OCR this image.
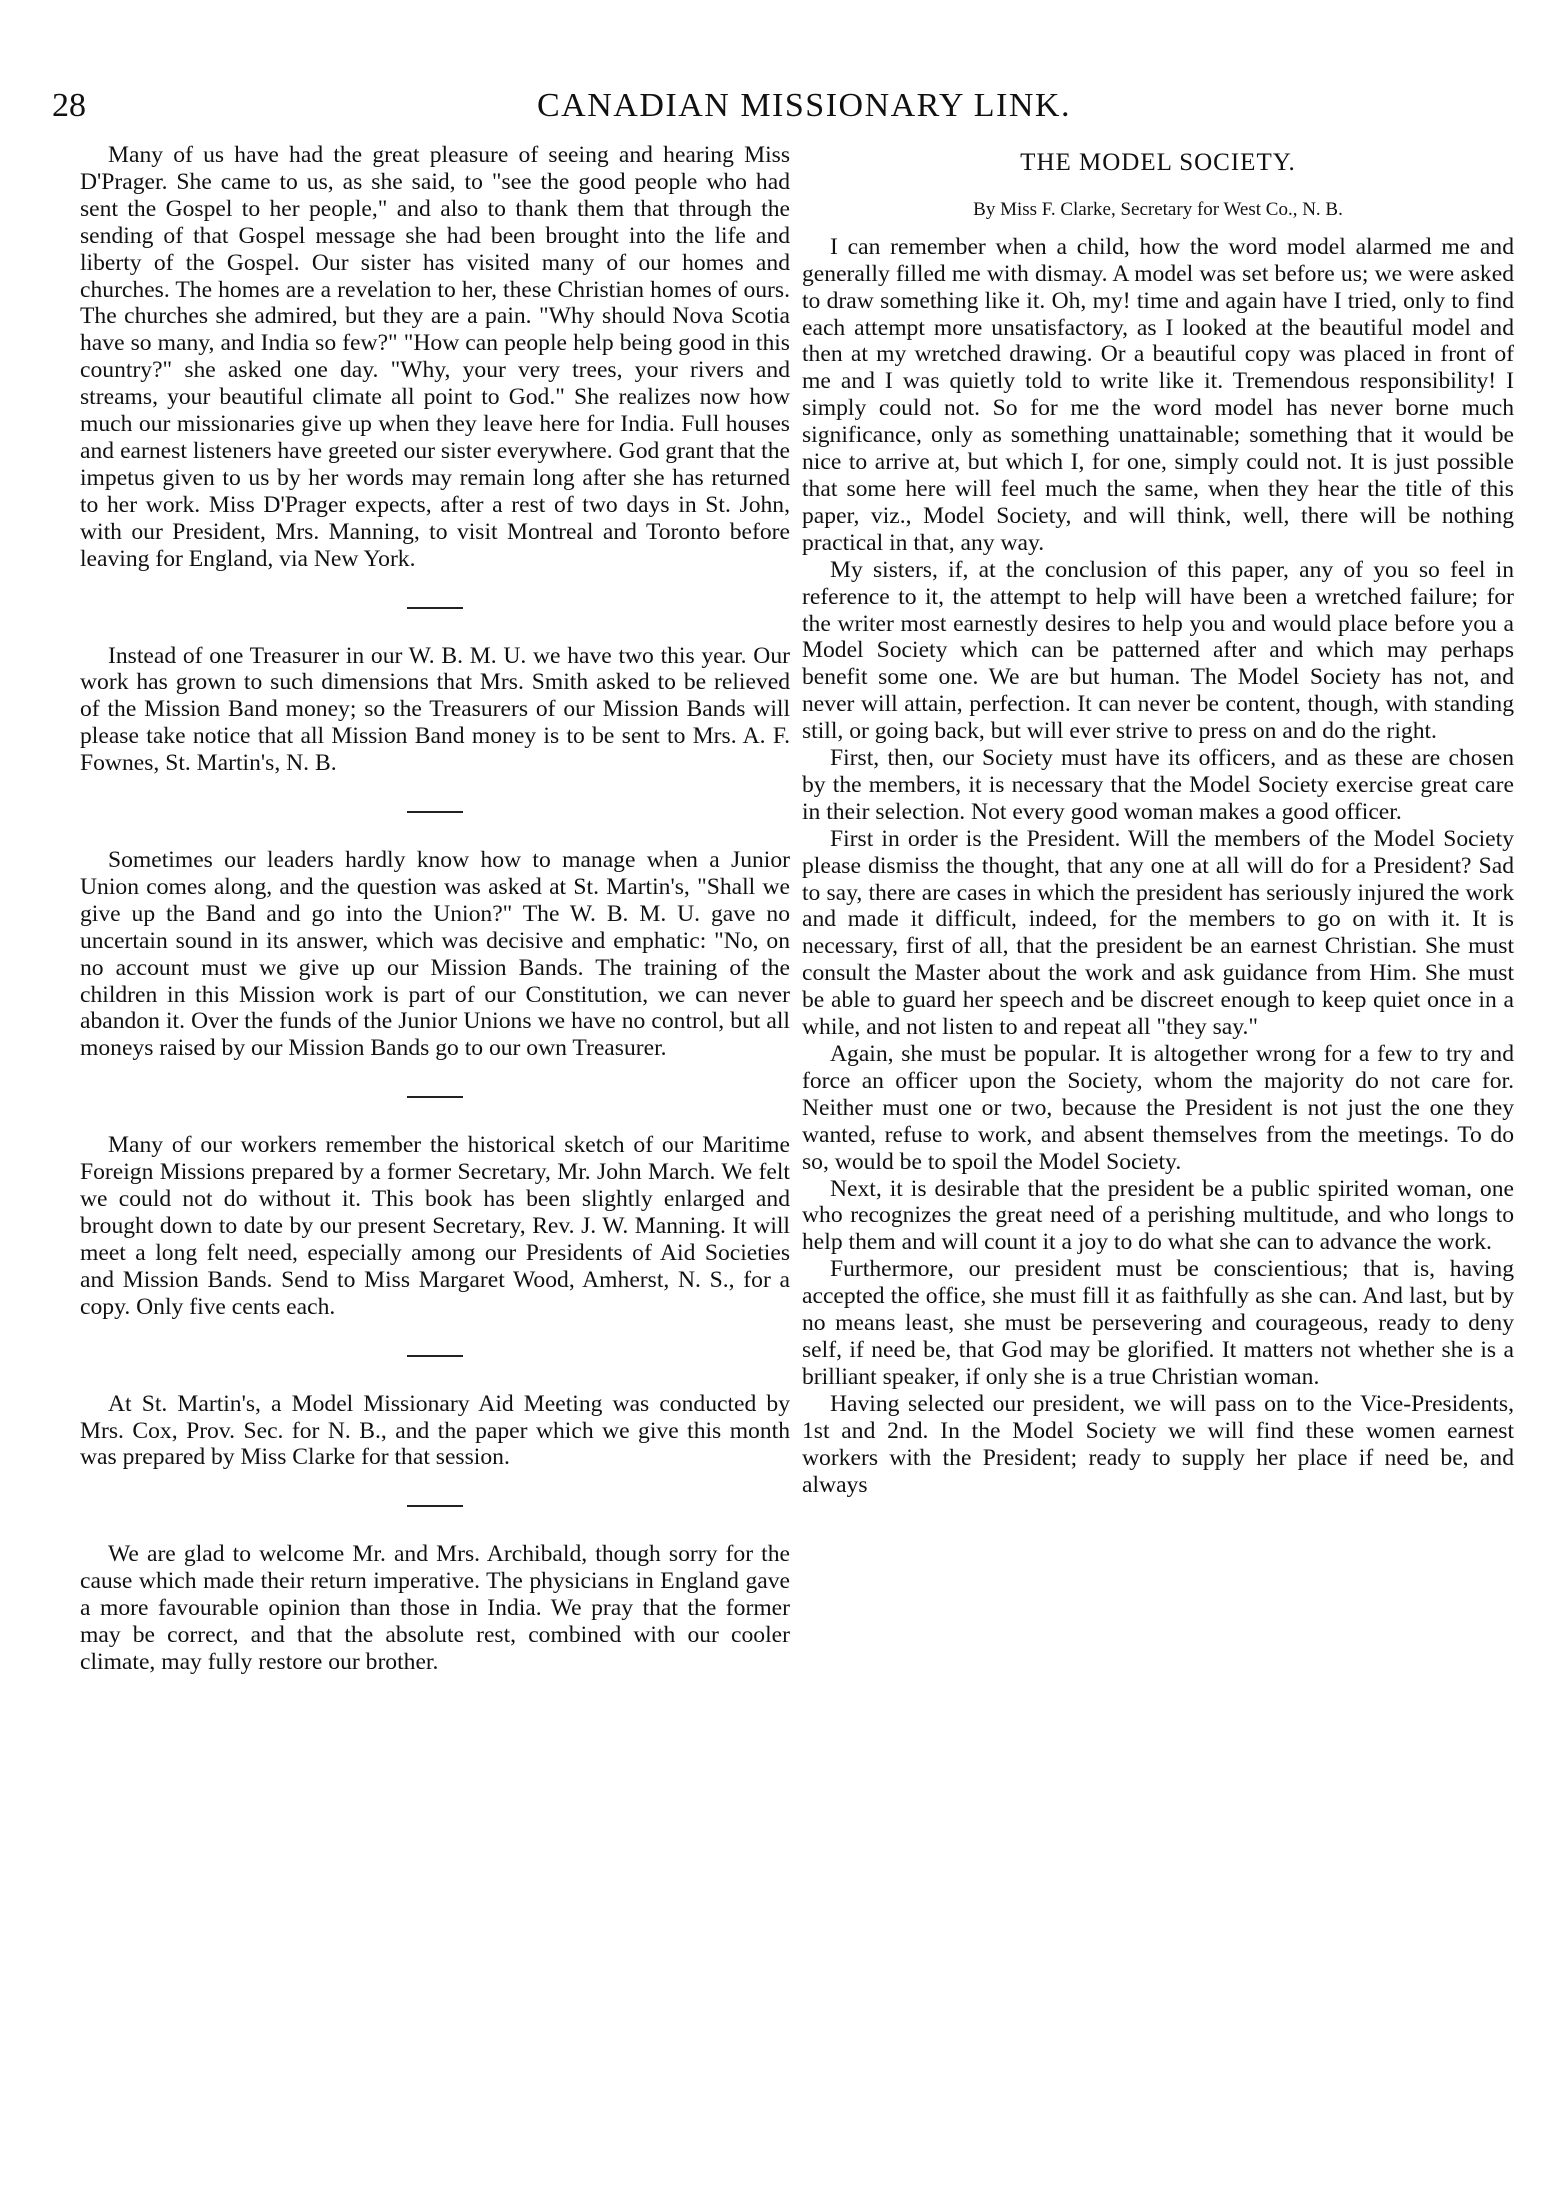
28	CANADIAN MISSIONARY LINK.

Many of us have had the great pleasure of seeing and hearing Miss D'Prager. She came to us, as she said, to "see the good people who had sent the Gospel to her people," and also to thank them that through the sending of that Gospel message she had been brought into the life and liberty of the Gospel. Our sister has visited many of our homes and churches. The homes are a revelation to her, these Christian homes of ours. The churches she admired, but they are a pain. "Why should Nova Scotia have so many, and India so few?" "How can people help being good in this country?" she asked one day. "Why, your very trees, your rivers and streams, your beautiful climate all point to God." She realizes now how much our missionaries give up when they leave here for India. Full houses and earnest listeners have greeted our sister everywhere. God grant that the impetus given to us by her words may remain long after she has returned to her work. Miss D'Prager expects, after a rest of two days in St. John, with our President, Mrs. Manning, to visit Montreal and Toronto before leaving for England, via New York.

Instead of one Treasurer in our W. B. M. U. we have two this year. Our work has grown to such dimensions that Mrs. Smith asked to be relieved of the Mission Band money; so the Treasurers of our Mission Bands will please take notice that all Mission Band money is to be sent to Mrs. A. F. Fownes, St. Martin's, N. B.

Sometimes our leaders hardly know how to manage when a Junior Union comes along, and the question was asked at St. Martin's, "Shall we give up the Band and go into the Union?" The W. B. M. U. gave no uncertain sound in its answer, which was decisive and emphatic: "No, on no account must we give up our Mission Bands. The training of the children in this Mission work is part of our Constitution, we can never abandon it. Over the funds of the Junior Unions we have no control, but all moneys raised by our Mission Bands go to our own Treasurer.

Many of our workers remember the historical sketch of our Maritime Foreign Missions prepared by a former Secretary, Mr. John March. We felt we could not do without it. This book has been slightly enlarged and brought down to date by our present Secretary, Rev. J. W. Manning. It will meet a long felt need, especially among our Presidents of Aid Societies and Mission Bands. Send to Miss Margaret Wood, Amherst, N. S., for a copy. Only five cents each.

At St. Martin's, a Model Missionary Aid Meeting was conducted by Mrs. Cox, Prov. Sec. for N. B., and the paper which we give this month was prepared by Miss Clarke for that session.

We are glad to welcome Mr. and Mrs. Archibald, though sorry for the cause which made their return imperative. The physicians in England gave a more favourable opinion than those in India. We pray that the former may be correct, and that the absolute rest, combined with our cooler climate, may fully restore our brother.

THE MODEL SOCIETY.
By Miss F. Clarke, Secretary for West Co., N. B.

I can remember when a child, how the word model alarmed me and generally filled me with dismay. A model was set before us; we were asked to draw something like it. Oh, my! time and again have I tried, only to find each attempt more unsatisfactory, as I looked at the beautiful model and then at my wretched drawing. Or a beautiful copy was placed in front of me and I was quietly told to write like it. Tremendous responsibility! I simply could not. So for me the word model has never borne much significance, only as something unattainable; something that it would be nice to arrive at, but which I, for one, simply could not. It is just possible that some here will feel much the same, when they hear the title of this paper, viz., Model Society, and will think, well, there will be nothing practical in that, any way.

My sisters, if, at the conclusion of this paper, any of you so feel in reference to it, the attempt to help will have been a wretched failure; for the writer most earnestly desires to help you and would place before you a Model Society which can be patterned after and which may perhaps benefit some one. We are but human. The Model Society has not, and never will attain, perfection. It can never be content, though, with standing still, or going back, but will ever strive to press on and do the right.

First, then, our Society must have its officers, and as these are chosen by the members, it is necessary that the Model Society exercise great care in their selection. Not every good woman makes a good officer.

First in order is the President. Will the members of the Model Society please dismiss the thought, that any one at all will do for a President? Sad to say, there are cases in which the president has seriously injured the work and made it difficult, indeed, for the members to go on with it. It is necessary, first of all, that the president be an earnest Christian. She must consult the Master about the work and ask guidance from Him. She must be able to guard her speech and be discreet enough to keep quiet once in a while, and not listen to and repeat all "they say."

Again, she must be popular. It is altogether wrong for a few to try and force an officer upon the Society, whom the majority do not care for. Neither must one or two, because the President is not just the one they wanted, refuse to work, and absent themselves from the meetings. To do so, would be to spoil the Model Society.

Next, it is desirable that the president be a public spirited woman, one who recognizes the great need of a perishing multitude, and who longs to help them and will count it a joy to do what she can to advance the work.

Furthermore, our president must be conscientious; that is, having accepted the office, she must fill it as faithfully as she can. And last, but by no means least, she must be persevering and courageous, ready to deny self, if need be, that God may be glorified. It matters not whether she is a brilliant speaker, if only she is a true Christian woman.

Having selected our president, we will pass on to the Vice-Presidents, 1st and 2nd. In the Model Society we will find these women earnest workers with the President; ready to supply her place if need be, and always
